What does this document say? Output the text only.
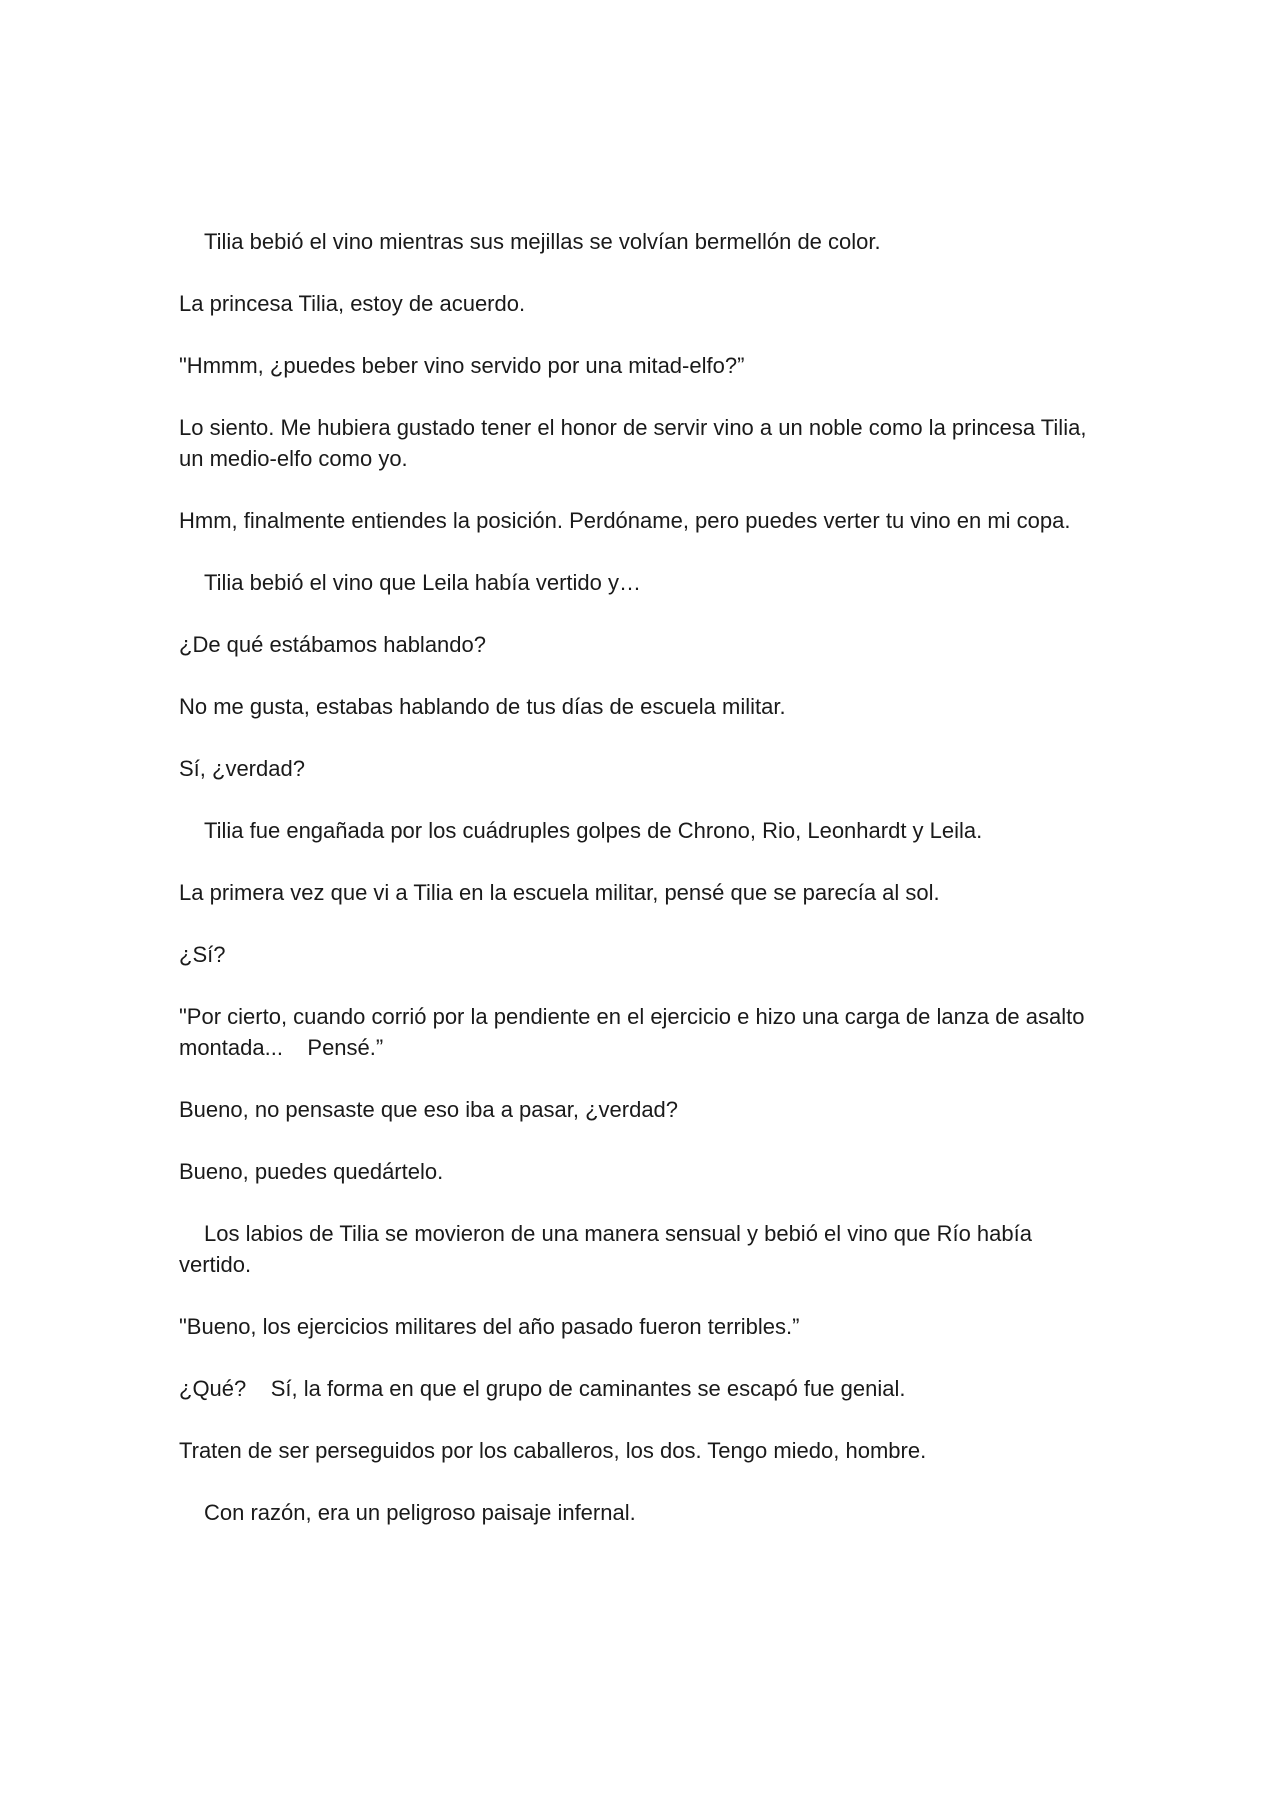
Tilia bebió el vino mientras sus mejillas se volvían bermellón de color.

La princesa Tilia, estoy de acuerdo.

"Hmmm, ¿puedes beber vino servido por una mitad-elfo?”

Lo siento. Me hubiera gustado tener el honor de servir vino a un noble como la princesa Tilia, un medio-elfo como yo.

Hmm, finalmente entiendes la posición. Perdóname, pero puedes verter tu vino en mi copa.

Tilia bebió el vino que Leila había vertido y…

¿De qué estábamos hablando?

No me gusta, estabas hablando de tus días de escuela militar.

Sí, ¿verdad?

Tilia fue engañada por los cuádruples golpes de Chrono, Rio, Leonhardt y Leila.

La primera vez que vi a Tilia en la escuela militar, pensé que se parecía al sol.

¿Sí?

"Por cierto, cuando corrió por la pendiente en el ejercicio e hizo una carga de lanza de asalto montada...    Pensé.”

Bueno, no pensaste que eso iba a pasar, ¿verdad?

Bueno, puedes quedártelo.

Los labios de Tilia se movieron de una manera sensual y bebió el vino que Río había vertido.

"Bueno, los ejercicios militares del año pasado fueron terribles.”

¿Qué?    Sí, la forma en que el grupo de caminantes se escapó fue genial.

Traten de ser perseguidos por los caballeros, los dos. Tengo miedo, hombre.

Con razón, era un peligroso paisaje infernal.
